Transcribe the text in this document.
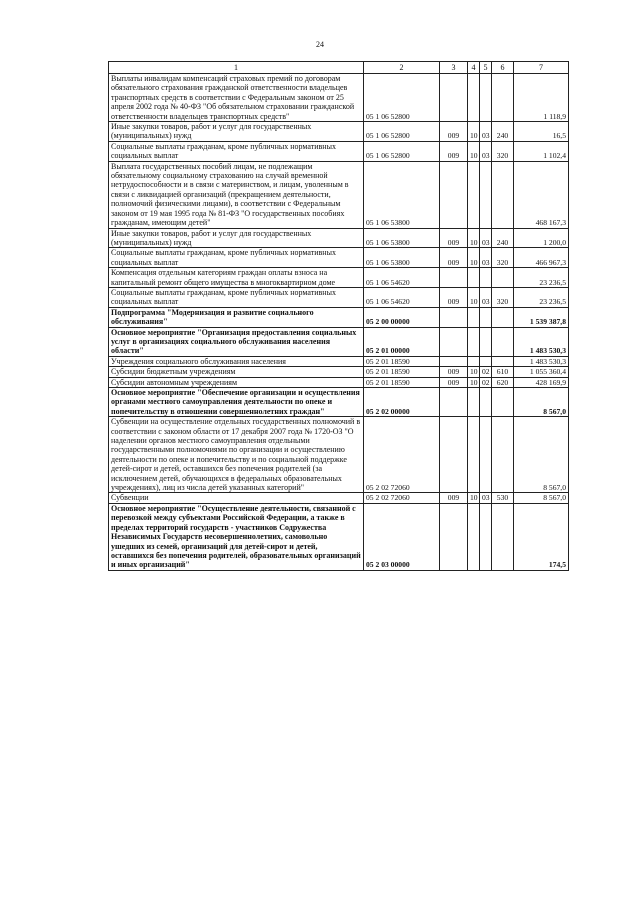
24
1	2	3	4	5	6	7
Выплаты инвалидам компенсаций страховых премий по договорам обязательного страхования гражданской ответственности владельцев транспортных средств в соответствии с Федеральным законом от 25 апреля 2002 года № 40-ФЗ "Об обязательном страховании гражданской ответственности владельцев транспортных средств"	05 1 06 52800					1 118,9
Иные закупки товаров, работ и услуг для государственных (муниципальных) нужд	05 1 06 52800	009	10	03	240	16,5
Социальные выплаты гражданам, кроме публичных нормативных социальных выплат	05 1 06 52800	009	10	03	320	1 102,4
Выплата государственных пособий лицам, не подлежащим обязательному социальному страхованию на случай временной нетрудоспособности и в связи с материнством, и лицам, уволенным в связи с ликвидацией организаций (прекращением деятельности, полномочий физическими лицами), в соответствии с Федеральным законом от 19 мая 1995 года № 81-ФЗ "О государственных пособиях гражданам, имеющим детей"	05 1 06 53800					468 167,3
Иные закупки товаров, работ и услуг для государственных (муниципальных) нужд	05 1 06 53800	009	10	03	240	1 200,0
Социальные выплаты гражданам, кроме публичных нормативных социальных выплат	05 1 06 53800	009	10	03	320	466 967,3
Компенсация отдельным категориям граждан оплаты взноса на капитальный ремонт общего имущества в многоквартирном доме	05 1 06 54620					23 236,5
Социальные выплаты гражданам, кроме публичных нормативных социальных выплат	05 1 06 54620	009	10	03	320	23 236,5
Подпрограмма "Модернизация и развитие социального обслуживания"	05 2 00 00000					1 539 387,8
Основное мероприятие "Организация предоставления социальных услуг в организациях социального обслуживания населения области"	05 2 01 00000					1 483 530,3
Учреждения социального обслуживания населения	05 2 01 18590					1 483 530,3
Субсидии бюджетным учреждениям	05 2 01 18590	009	10	02	610	1 055 360,4
Субсидии автономным учреждениям	05 2 01 18590	009	10	02	620	428 169,9
Основное мероприятие "Обеспечение организации и осуществления органами местного самоуправления деятельности по опеке и попечительству в отношении совершеннолетних граждан"	05 2 02 00000					8 567,0
Субвенции на осуществление отдельных государственных полномочий в соответствии с законом области от 17 декабря 2007 года № 1720-ОЗ "О наделении органов местного самоуправления отдельными государственными полномочиями по организации и осуществлению деятельности по опеке и попечительству и по социальной поддержке детей-сирот и детей, оставшихся без попечения родителей (за исключением детей, обучающихся в федеральных образовательных учреждениях), лиц из числа детей указанных категорий"	05 2 02 72060					8 567,0
Субвенции	05 2 02 72060	009	10	03	530	8 567,0
Основное мероприятие "Осуществление деятельности, связанной с перевозкой между субъектами Российской Федерации, а также в пределах территорий государств - участников Содружества Независимых Государств несовершеннолетних, самовольно ушедших из семей, организаций для детей-сирот и детей, оставшихся без попечения родителей, образовательных организаций и иных организаций"	05 2 03 00000					174,5
